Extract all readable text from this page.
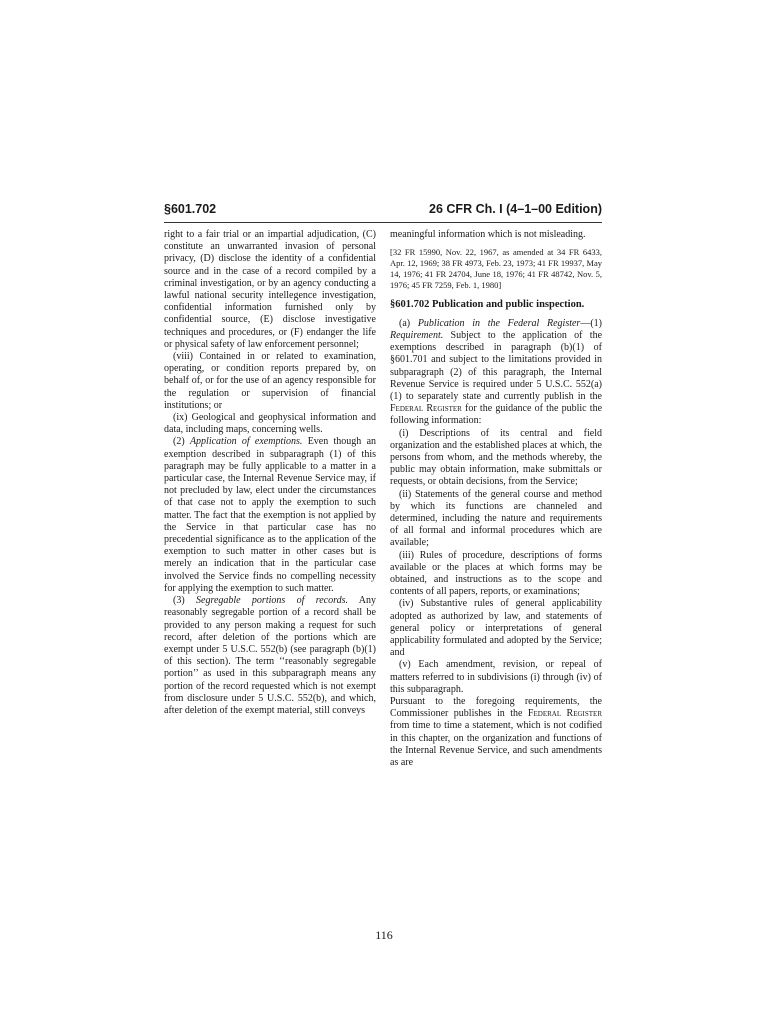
§601.702	26 CFR Ch. I (4–1–00 Edition)

right to a fair trial or an impartial adjudication, (C) constitute an unwarranted invasion of personal privacy, (D) disclose the identity of a confidential source and in the case of a record compiled by a criminal investigation, or by an agency conducting a lawful national security intellegence investigation, confidential information furnished only by confidential source, (E) disclose investigative techniques and procedures, or (F) endanger the life or physical safety of law enforcement personnel;

(viii) Contained in or related to examination, operating, or condition reports prepared by, on behalf of, or for the use of an agency responsible for the regulation or supervision of financial institutions; or

(ix) Geological and geophysical information and data, including maps, concerning wells.

(2) Application of exemptions. Even though an exemption described in subparagraph (1) of this paragraph may be fully applicable to a matter in a particular case, the Internal Revenue Service may, if not precluded by law, elect under the circumstances of that case not to apply the exemption to such matter. The fact that the exemption is not applied by the Service in that particular case has no precedential significance as to the application of the exemption to such matter in other cases but is merely an indication that in the particular case involved the Service finds no compelling necessity for applying the exemption to such matter.

(3) Segregable portions of records. Any reasonably segregable portion of a record shall be provided to any person making a request for such record, after deletion of the portions which are exempt under 5 U.S.C. 552(b) (see paragraph (b)(1) of this section). The term ‘‘reasonably segregable portion’’ as used in this subparagraph means any portion of the record requested which is not exempt from disclosure under 5 U.S.C. 552(b), and which, after deletion of the exempt material, still conveys

meaningful information which is not misleading.

[32 FR 15990, Nov. 22, 1967, as amended at 34 FR 6433, Apr. 12, 1969; 38 FR 4973, Feb. 23, 1973; 41 FR 19937, May 14, 1976; 41 FR 24704, June 18, 1976; 41 FR 48742, Nov. 5, 1976; 45 FR 7259, Feb. 1, 1980]

§601.702 Publication and public inspection.

(a) Publication in the Federal Register—(1) Requirement. Subject to the application of the exemptions described in paragraph (b)(1) of §601.701 and subject to the limitations provided in subparagraph (2) of this paragraph, the Internal Revenue Service is required under 5 U.S.C. 552(a)(1) to separately state and currently publish in the Federal Register for the guidance of the public the following information:

(i) Descriptions of its central and field organization and the established places at which, the persons from whom, and the methods whereby, the public may obtain information, make submittals or requests, or obtain decisions, from the Service;

(ii) Statements of the general course and method by which its functions are channeled and determined, including the nature and requirements of all formal and informal procedures which are available;

(iii) Rules of procedure, descriptions of forms available or the places at which forms may be obtained, and instructions as to the scope and contents of all papers, reports, or examinations;

(iv) Substantive rules of general applicability adopted as authorized by law, and statements of general policy or interpretations of general applicability formulated and adopted by the Service; and

(v) Each amendment, revision, or repeal of matters referred to in subdivisions (i) through (iv) of this subparagraph.

Pursuant to the foregoing requirements, the Commissioner publishes in the Federal Register from time to time a statement, which is not codified in this chapter, on the organization and functions of the Internal Revenue Service, and such amendments as are

116
